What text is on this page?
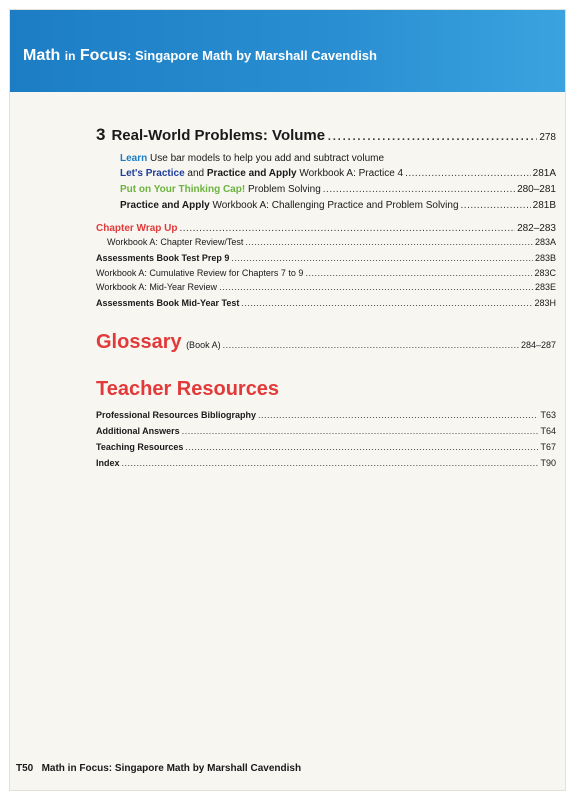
Math in Focus: Singapore Math by Marshall Cavendish
3 Real-World Problems: Volume .....	278
Learn
Use bar models to help you add and subtract volume
Let's Practice
and
Practice and Apply
Workbook A: Practice 4 .....	281A
Put on Your Thinking Cap!
Problem Solving .....	280–281
Practice and Apply
Workbook A: Challenging Practice and Problem Solving .....	281B
Chapter Wrap Up .....	282–283
Workbook A: Chapter Review/Test .....	283A
Assessments Book Test Prep 9 .....	283B
Workbook A: Cumulative Review for Chapters 7 to 9 .....	283C
Workbook A: Mid-Year Review .....	283E
Assessments Book Mid-Year Test .....	283H
Glossary
(Book A) .....	284–287
Teacher Resources
Professional Resources Bibliography .....	T63
Additional Answers .....	T64
Teaching Resources .....	T67
Index .....	T90
T50 Math in Focus: Singapore Math by Marshall Cavendish
